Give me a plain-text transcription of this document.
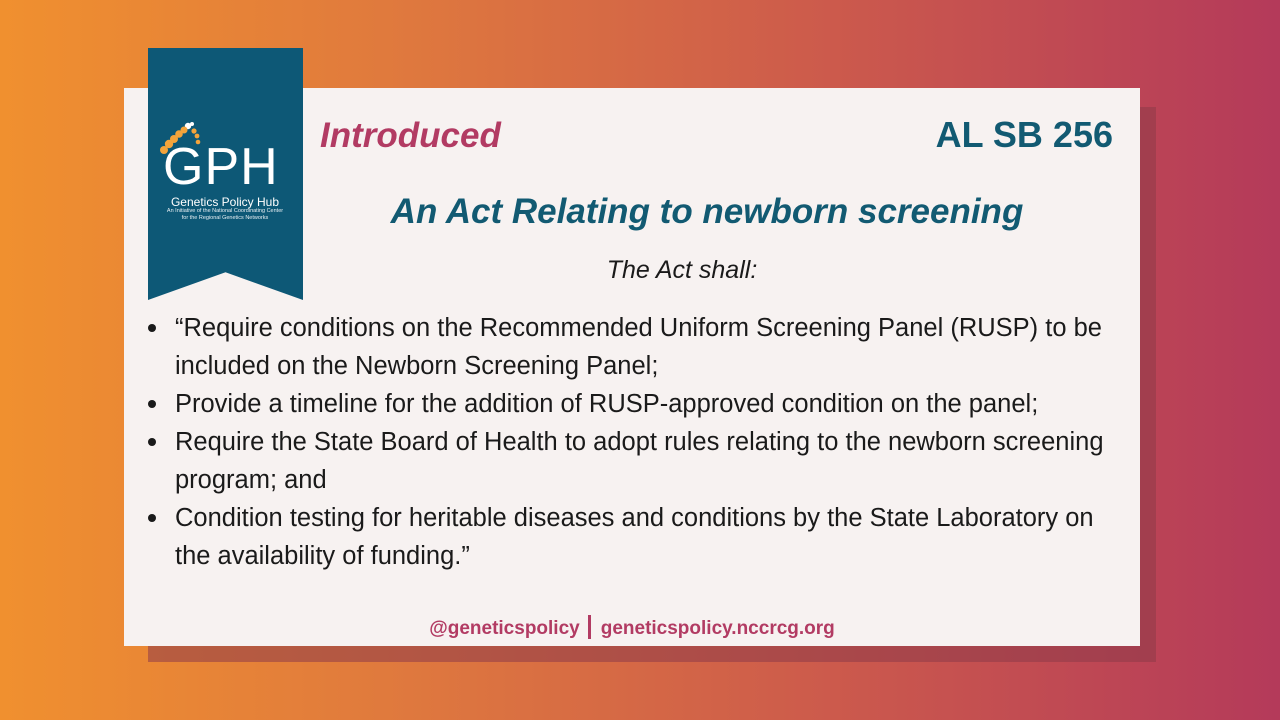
GPH
Genetics Policy Hub
An Initiative of the National Coordinating Center
for the Regional Genetics Networks
Introduced	AL SB 256
An Act Relating to newborn screening
The Act shall:
“Require conditions on the Recommended Uniform Screening Panel (RUSP) to be included on the Newborn Screening Panel;
Provide a timeline for the addition of RUSP-approved condition on the panel;
Require the State Board of Health to adopt rules relating to the newborn screening program; and
Condition testing for heritable diseases and conditions by the State Laboratory on the availability of funding.”
@geneticspolicy geneticspolicy.nccrcg.org
